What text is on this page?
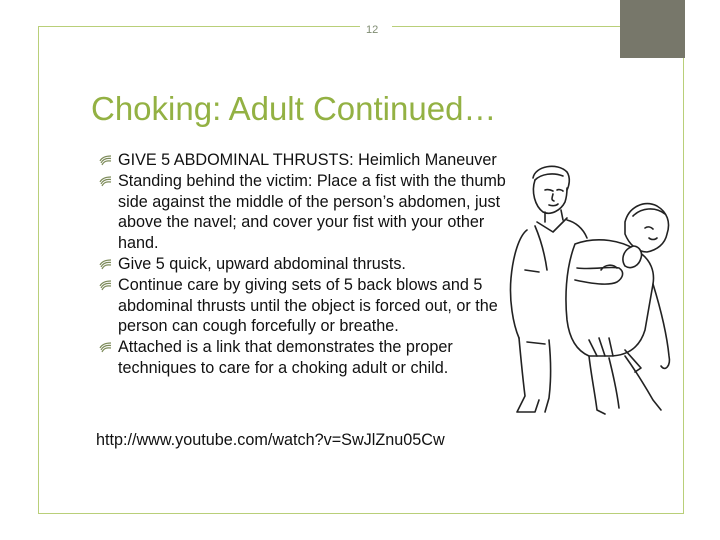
12
Choking: Adult Continued…
GIVE 5 ABDOMINAL THRUSTS: Heimlich Maneuver
Standing behind the victim: Place a fist with the thumb side against the middle of the person’s abdomen, just above the navel; and cover your fist with your other hand.
Give 5 quick, upward abdominal thrusts.
Continue care by giving sets of 5 back blows and 5 abdominal thrusts until the object is forced out, or the person can cough forcefully or breathe.
Attached is a link that demonstrates the proper techniques to care for a choking adult or child.
http://www.youtube.com/watch?v=SwJlZnu05Cw
